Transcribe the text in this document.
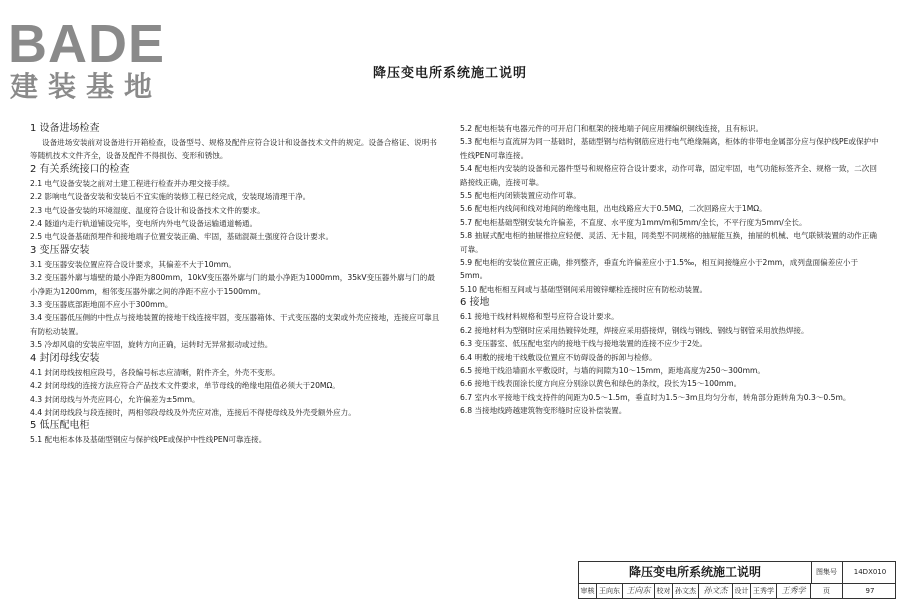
BADE
建装基地	降压变电所系统施工说明
1 设备进场检查
设备进场安装前对设备进行开箱检查，设备型号、规格及配件应符合设计和设备技术文件的规定。设备合格证、说明书等随机技术文件齐全，设备及配件不得损伤、变形和锈蚀。
2 有关系统接口的检查
2.1 电气设备安装之前对土建工程进行检查并办理交接手续。
2.2 影响电气设备安装和安装后不宜实施的装修工程已经完成，安装现场清理干净。
2.3 电气设备安装的环境湿度、温度符合设计和设备技术文件的要求。
2.4 隧道内走行轨道铺设完毕，变电所内外电气设备运输通道畅通。
2.5 电气设备基础预埋件和接地端子位置安装正确、牢固，基础混凝土强度符合设计要求。
3 变压器安装
3.1 变压器安装位置应符合设计要求，其偏差不大于10mm。
3.2 变压器外廓与墙壁的最小净距为800mm，10kV变压器外廓与门的最小净距为1000mm，35kV变压器外廓与门的最小净距为1200mm，相邻变压器外廓之间的净距不应小于1500mm。
3.3 变压器底部距地面不应小于300mm。
3.4 变压器低压侧的中性点与接地装置的接地干线连接牢固，变压器箱体、干式变压器的支架或外壳应接地，连接应可靠且有防松动装置。
3.5 冷却风扇的安装应牢固，旋转方向正确，运转时无异常振动或过热。
4 封闭母线安装
4.1 封闭母线按相应段号，各段编号标志应清晰，附件齐全，外壳不变形。
4.2 封闭母线的连接方法应符合产品技术文件要求，单节母线的绝缘电阻值必须大于20MΩ。
4.3 封闭母线与外壳应同心，允许偏差为±5mm。
4.4 封闭母线段与段连接时，两相邻段母线及外壳应对准，连接后不得使母线及外壳受额外应力。
5 低压配电柜
5.1 配电柜本体及基础型钢应与保护线PE或保护中性线PEN可靠连接。
5.2 配电柜装有电器元件的可开启门和框架的接地端子间应用裸编织铜线连接，且有标识。
5.3 配电柜与直流屏为同一基础时，基础型钢与结构钢筋应进行电气绝缘隔离，柜体的非带电金属部分应与保护线PE或保护中性线PEN可靠连接。
5.4 配电柜内安装的设备和元器件型号和规格应符合设计要求，动作可靠，固定牢固，电气功能标签齐全、规格一致，二次回路接线正确，连接可靠。
5.5 配电柜内闭锁装置应动作可靠。
5.6 配电柜内线间和线对地间的绝缘电阻，出电线路应大于0.5MΩ，二次回路应大于1MΩ。
5.7 配电柜基础型钢安装允许偏差，不直度、水平度为1mm/m和5mm/全长，不平行度为5mm/全长。
5.8 抽屉式配电柜的抽屉推拉应轻便、灵活、无卡阻，同类型不同规格的抽屉能互换，抽屉的机械、电气联锁装置的动作正确可靠。
5.9 配电柜的安装位置应正确，排列整齐，垂直允许偏差应小于1.5‰，相互间接缝应小于2mm，成列盘面偏差应小于5mm。
5.10 配电柜相互间或与基础型钢间采用镀锌螺栓连接时应有防松动装置。
6 接地
6.1 接地干线材料规格和型号应符合设计要求。
6.2 接地材料为型钢时应采用热镀锌处理，焊接应采用搭接焊，钢线与钢线、钢线与钢管采用放热焊接。
6.3 变压器室、低压配电室内的接地干线与接地装置的连接不应少于2处。
6.4 明敷的接地干线敷设位置应不妨碍设备的拆卸与检修。
6.5 接地干线沿墙面水平敷设时，与墙的间隙为10～15mm，距地高度为250～300mm。
6.6 接地干线表面涂长度方向应分别涂以黄色和绿色的条纹，段长为15～100mm。
6.7 室内水平接地干线支持件的间距为0.5～1.5m，垂直时为1.5～3m且均匀分布，转角部分距转角为0.3～0.5m。
6.8 当接地线跨越建筑物变形缝时应设补偿装置。
降压变电所系统施工说明	图集号	14DX010
审核 王向东 王向东 校对 孙文杰 孙文杰	设计 王秀学 王秀学	页	97
